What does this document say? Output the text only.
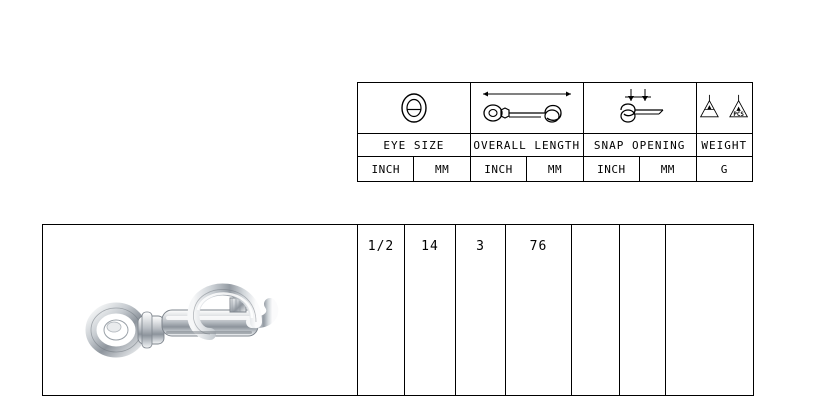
PCS

EYE SIZE		OVERALL LENGTH		SNAP OPENING		WEIGHT
INCH	MM	INCH	MM	INCH	MM	G
	1/2	14	3	76			
